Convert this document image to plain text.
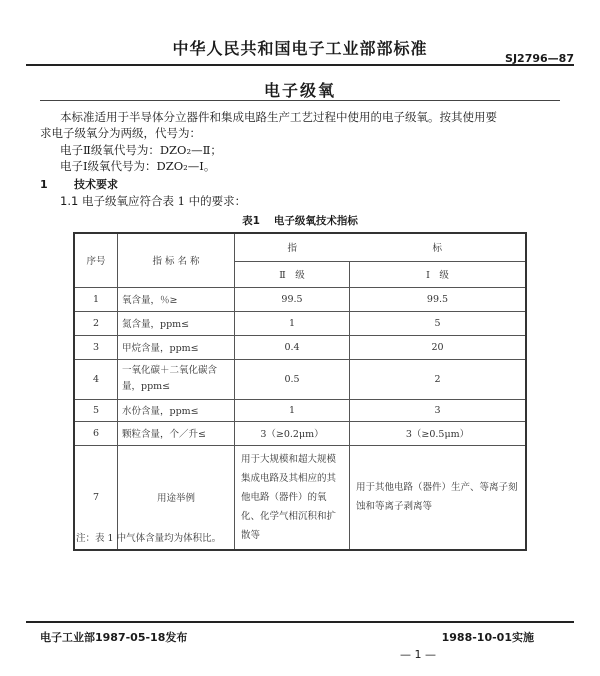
中华人民共和国电子工业部部标准
SJ2796—87
电子级氧
本标准适用于半导体分立器件和集成电路生产工艺过程中使用的电子级氧。按其使用要
求电子级氧分为两级，代号为：
电子Ⅱ级氧代号为：DZO₂—Ⅱ；
电子Ⅰ级氧代号为：DZO₂—Ⅰ。
1 技术要求
1.1 电子级氧应符合表 1 中的要求：
表1 电子级氧技术指标
序号	指 标 名 称	指	标
		Ⅱ　级	Ⅰ　级
1	氧含量，％≥	99.5	99.5
2	氮含量，ppm≤	1	5
3	甲烷含量，ppm≤	0.4	20
4	一氧化碳＋二氧化碳含量，ppm≤	0.5	2
5	水份含量，ppm≤	1	3
6	颗粒含量，个／升≤	3（≥0.2μm）	3（≥0.5μm）
7	用途举例	用于大规模和超大规模集成电路及其相应的其他电路（器件）的氧化、化学气相沉积和扩散等	用于其他电路（器件）生产、等离子刻蚀和等离子剥离等
注：表 1 中气体含量均为体积比。
电子工业部1987-05-18发布	1988-10-01实施
— 1 —
